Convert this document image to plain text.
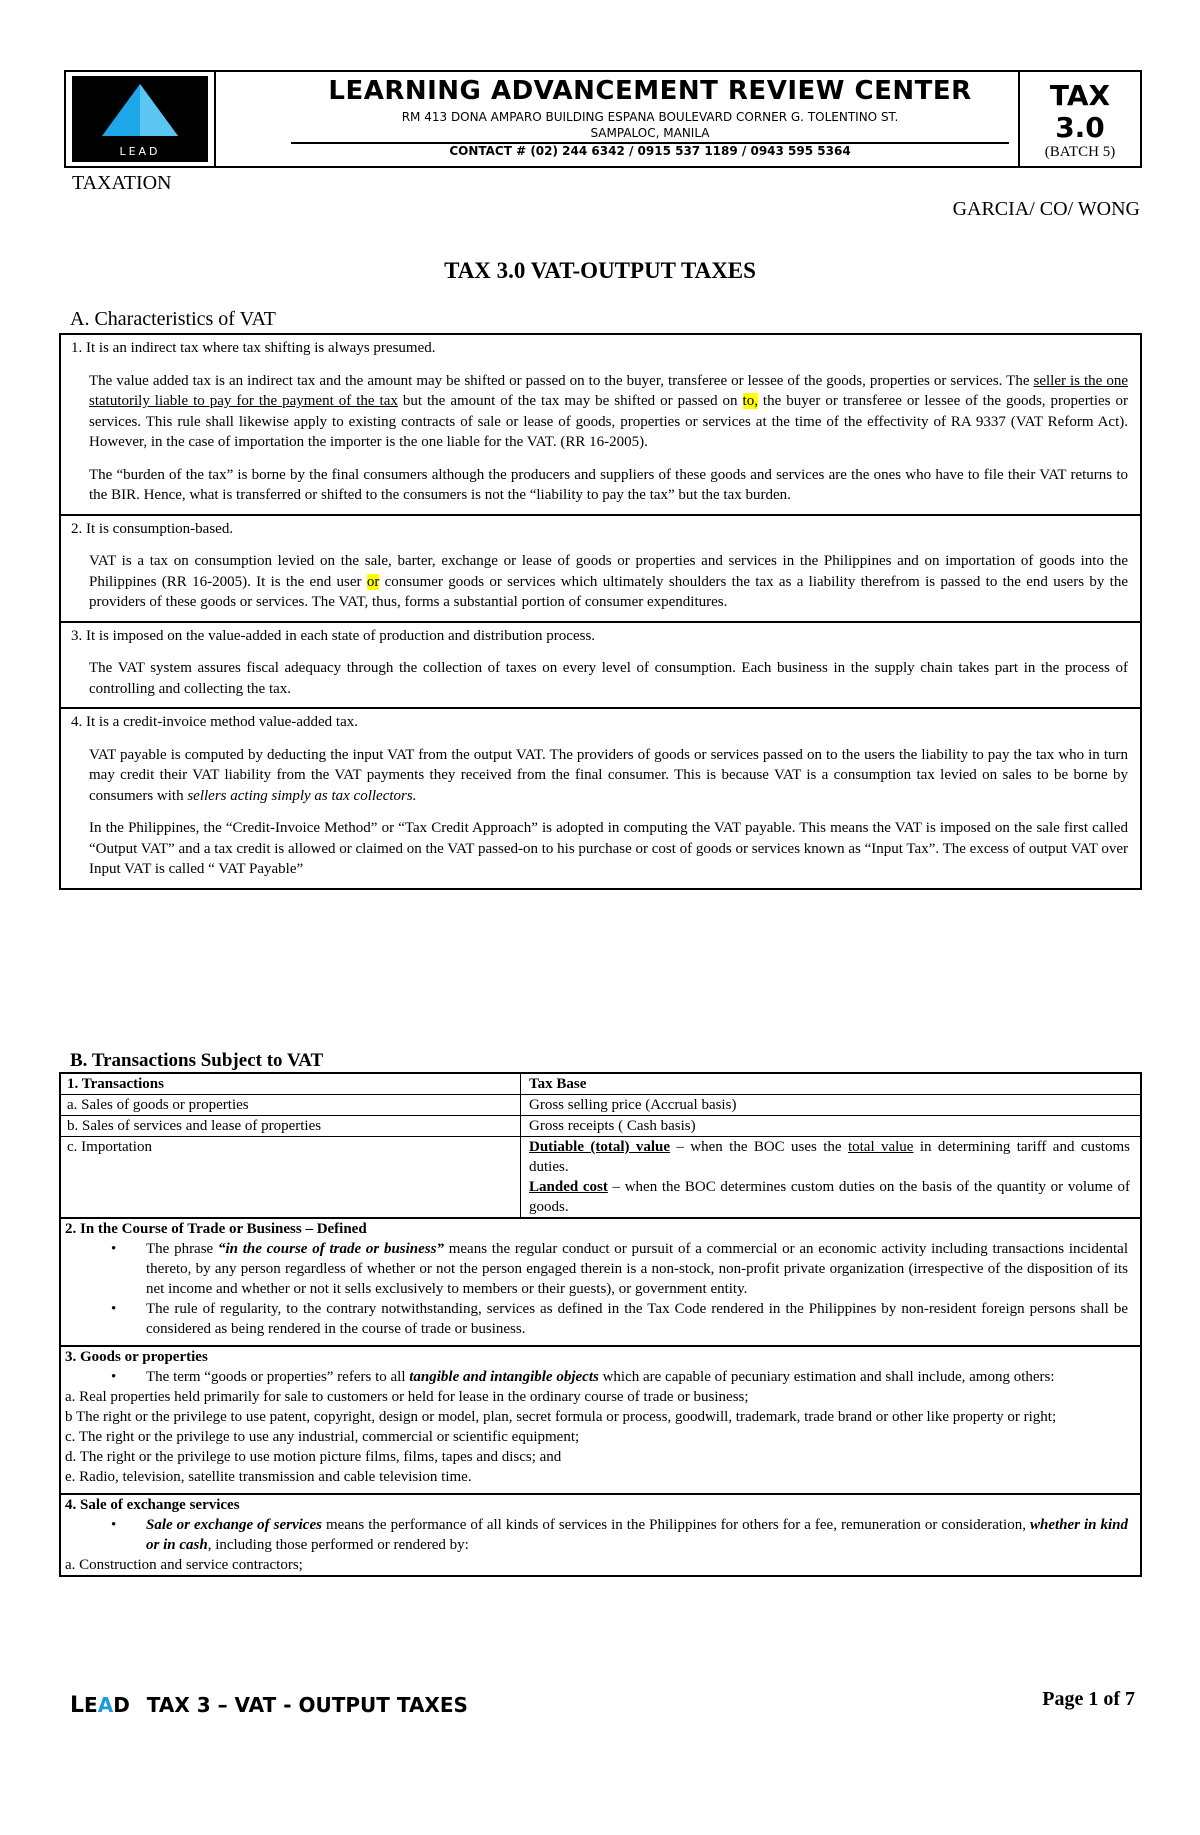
LEAD
LEARNING ADVANCEMENT REVIEW CENTER
RM 413 DONA AMPARO BUILDING ESPANA BOULEVARD CORNER G. TOLENTINO ST.
SAMPALOC, MANILA
CONTACT # (02) 244 6342 / 0915 537 1189 / 0943 595 5364
TAX
3.0
(BATCH 5)
TAXATION
GARCIA/ CO/ WONG
TAX 3.0 VAT-OUTPUT TAXES
A. Characteristics of VAT
1. It is an indirect tax where tax shifting is always presumed.

The value added tax is an indirect tax and the amount may be shifted or passed on to the buyer, transferee or lessee of the goods, properties or services. The seller is the one statutorily liable to pay for the payment of the tax but the amount of the tax may be shifted or passed on to, the buyer or transferee or lessee of the goods, properties or services. This rule shall likewise apply to existing contracts of sale or lease of goods, properties or services at the time of the effectivity of RA 9337 (VAT Reform Act). However, in the case of importation the importer is the one liable for the VAT. (RR 16-2005).

The “burden of the tax” is borne by the final consumers although the producers and suppliers of these goods and services are the ones who have to file their VAT returns to the BIR. Hence, what is transferred or shifted to the consumers is not the “liability to pay the tax” but the tax burden.

2. It is consumption-based.

VAT is a tax on consumption levied on the sale, barter, exchange or lease of goods or properties and services in the Philippines and on importation of goods into the Philippines (RR 16-2005). It is the end user or consumer goods or services which ultimately shoulders the tax as a liability therefrom is passed to the end users by the providers of these goods or services. The VAT, thus, forms a substantial portion of consumer expenditures.

3. It is imposed on the value-added in each state of production and distribution process.

The VAT system assures fiscal adequacy through the collection of taxes on every level of consumption. Each business in the supply chain takes part in the process of controlling and collecting the tax.

4. It is a credit-invoice method value-added tax.

VAT payable is computed by deducting the input VAT from the output VAT. The providers of goods or services passed on to the users the liability to pay the tax who in turn may credit their VAT liability from the VAT payments they received from the final consumer. This is because VAT is a consumption tax levied on sales to be borne by consumers with sellers acting simply as tax collectors.

In the Philippines, the “Credit-Invoice Method” or “Tax Credit Approach” is adopted in computing the VAT payable. This means the VAT is imposed on the sale first called “Output VAT” and a tax credit is allowed or claimed on the VAT passed-on to his purchase or cost of goods or services known as “Input Tax”. The excess of output VAT over Input VAT is called “ VAT Payable”

B. Transactions Subject to VAT
1. Transactions	Tax Base
a. Sales of goods or properties	Gross selling price (Accrual basis)
b. Sales of services and lease of properties	Gross receipts ( Cash basis)
c. Importation	Dutiable (total) value – when the BOC uses the total value in determining tariff and customs duties.
Landed cost – when the BOC determines custom duties on the basis of the quantity or volume of goods.
2. In the Course of Trade or Business – Defined
• The phrase “in the course of trade or business” means the regular conduct or pursuit of a commercial or an economic activity including transactions incidental thereto, by any person regardless of whether or not the person engaged therein is a non-stock, non-profit private organization (irrespective of the disposition of its net income and whether or not it sells exclusively to members or their guests), or government entity.
• The rule of regularity, to the contrary notwithstanding, services as defined in the Tax Code rendered in the Philippines by non-resident foreign persons shall be considered as being rendered in the course of trade or business.
3. Goods or properties
• The term “goods or properties” refers to all tangible and intangible objects which are capable of pecuniary estimation and shall include, among others:
a. Real properties held primarily for sale to customers or held for lease in the ordinary course of trade or business;
b The right or the privilege to use patent, copyright, design or model, plan, secret formula or process, goodwill, trademark, trade brand or other like property or right;
c. The right or the privilege to use any industrial, commercial or scientific equipment;
d. The right or the privilege to use motion picture films, films, tapes and discs; and
e. Radio, television, satellite transmission and cable television time.
4. Sale of exchange services
• Sale or exchange of services means the performance of all kinds of services in the Philippines for others for a fee, remuneration or consideration, whether in kind or in cash, including those performed or rendered by:
a. Construction and service contractors;
LEAD TAX 3 – VAT - OUTPUT TAXES	Page 1 of 7
